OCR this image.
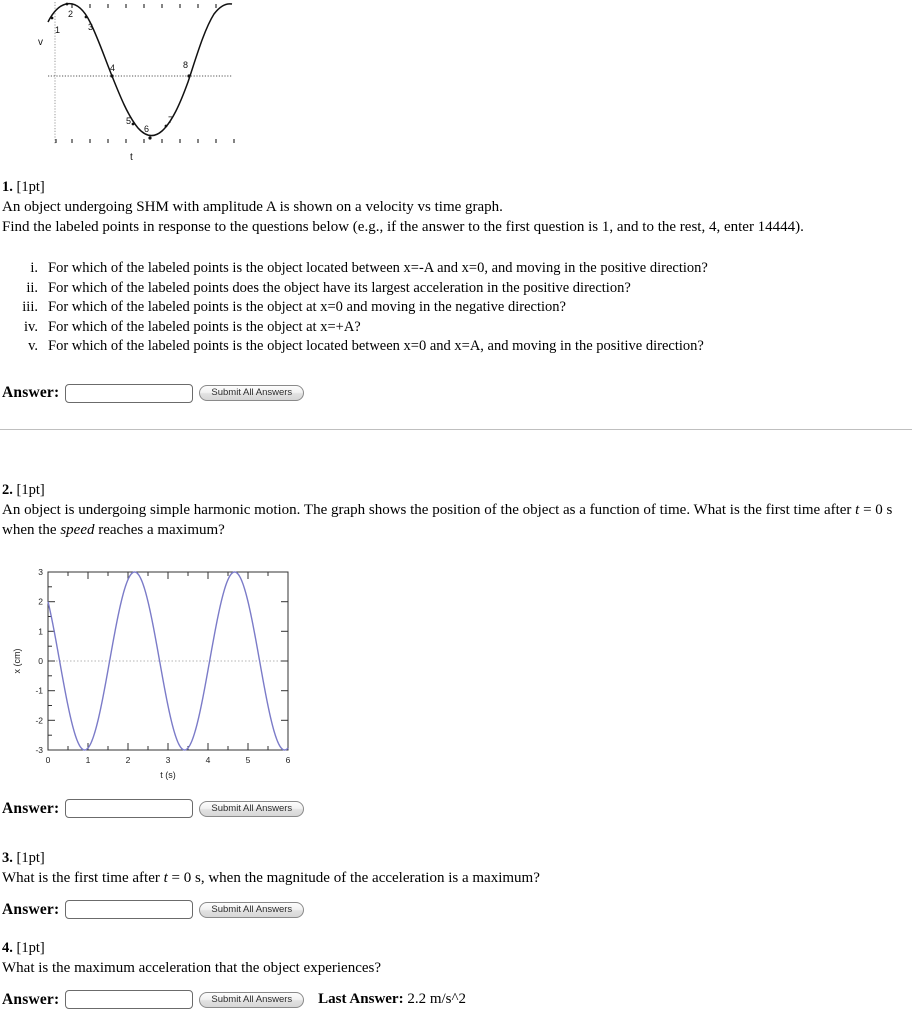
1
2
3
4
5
6
7
8
v
t
1. [1pt]
An object undergoing SHM with amplitude A is shown on a velocity vs time graph.
Find the labeled points in response to the questions below (e.g., if the answer to the first question is 1, and to the rest, 4, enter 14444).
i. For which of the labeled points is the object located between x=-A and x=0, and moving in the positive direction?
ii. For which of the labeled points does the object have its largest acceleration in the positive direction?
iii. For which of the labeled points is the object at x=0 and moving in the negative direction?
iv. For which of the labeled points is the object at x=+A?
v. For which of the labeled points is the object located between x=0 and x=A, and moving in the positive direction?
Answer:	Submit All Answers
2. [1pt]
An object is undergoing simple harmonic motion. The graph shows the position of the object as a function of time. What is the first time after t = 0 s when the speed reaches a maximum?
3
2
1
0
-1
-2
-3
0	1	2	3	4	5	6
x (cm)
t (s)
Answer:	Submit All Answers
3. [1pt]
What is the first time after t = 0 s, when the magnitude of the acceleration is a maximum?
Answer:	Submit All Answers
4. [1pt]
What is the maximum acceleration that the object experiences?
Answer:	Submit All Answers	Last Answer: 2.2 m/s^2
